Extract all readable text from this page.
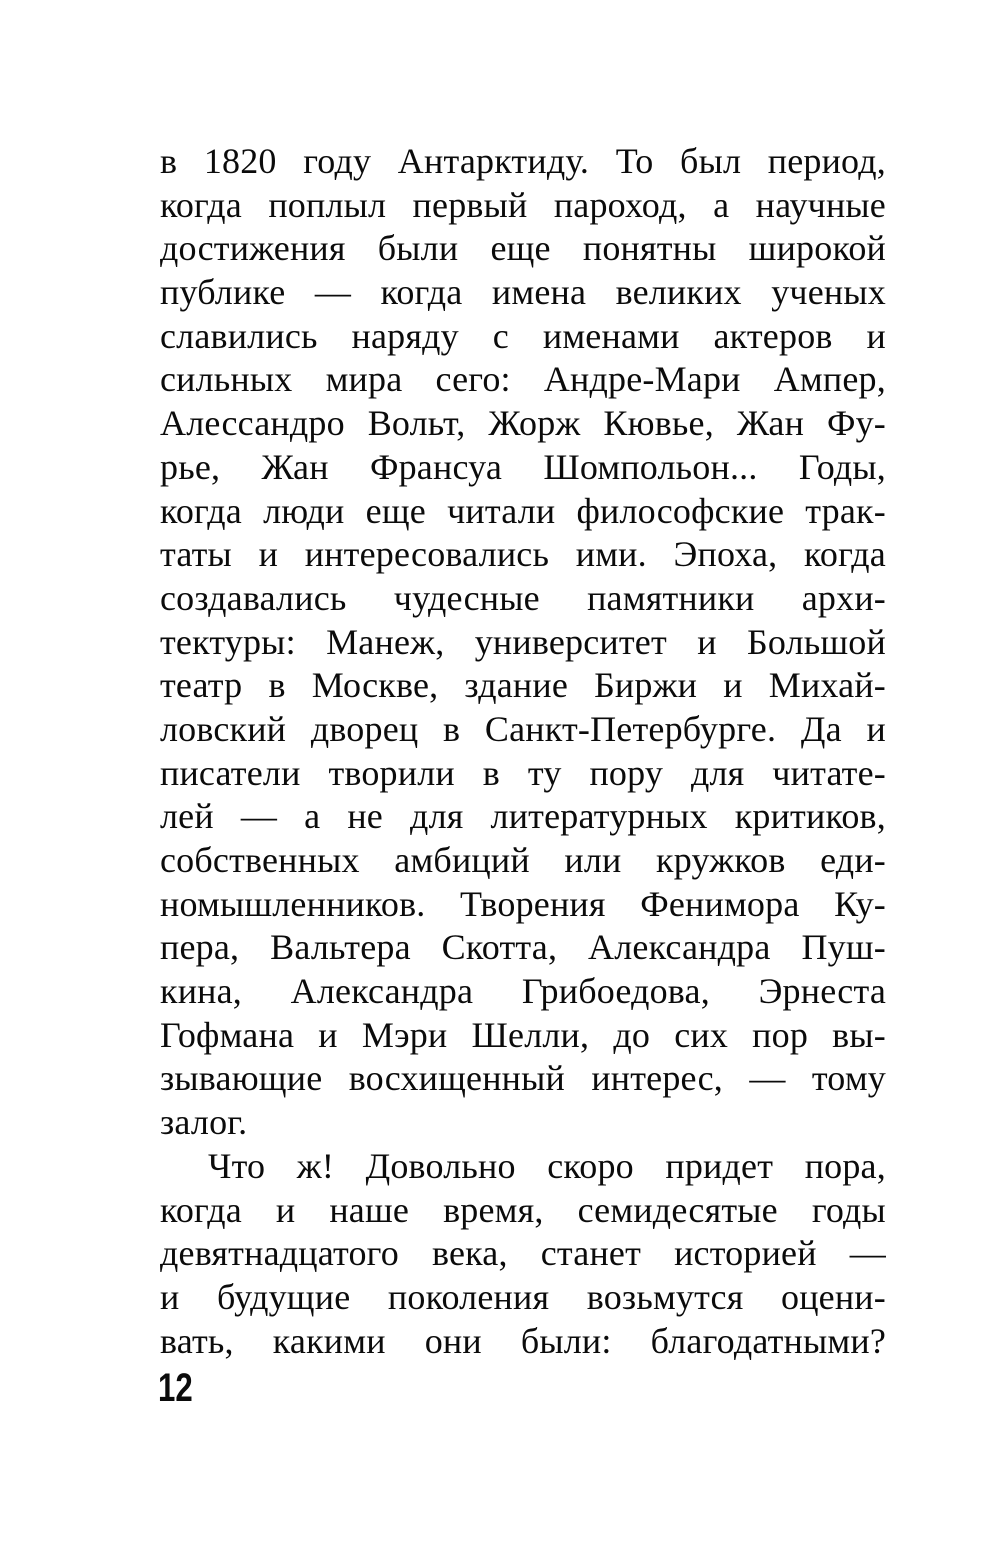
в 1820 году Антарктиду. То был период,
когда поплыл первый пароход, а научные
достижения были еще понятны широкой
публике — когда имена великих ученых
славились наряду с именами актеров и
сильных мира сего: Андре-Мари Ампер,
Алессандро Вольт, Жорж Кювье, Жан Фу-
рье, Жан Франсуа Шомпольон... Годы,
когда люди еще читали философские трак-
таты и интересовались ими. Эпоха, когда
создавались чудесные памятники архи-
тектуры: Манеж, университет и Большой
театр в Москве, здание Биржи и Михай-
ловский дворец в Санкт-Петербурге. Да и
писатели творили в ту пору для читате-
лей — а не для литературных критиков,
собственных амбиций или кружков еди-
номышленников. Творения Фенимора Ку-
пера, Вальтера Скотта, Александра Пуш-
кина, Александра Грибоедова, Эрнеста
Гофмана и Мэри Шелли, до сих пор вы-
зывающие восхищенный интерес, — тому
залог.
Что ж! Довольно скоро придет пора,
когда и наше время, семидесятые годы
девятнадцатого века, станет историей —
и будущие поколения возьмутся оцени-
вать, какими они были: благодатными?
12
